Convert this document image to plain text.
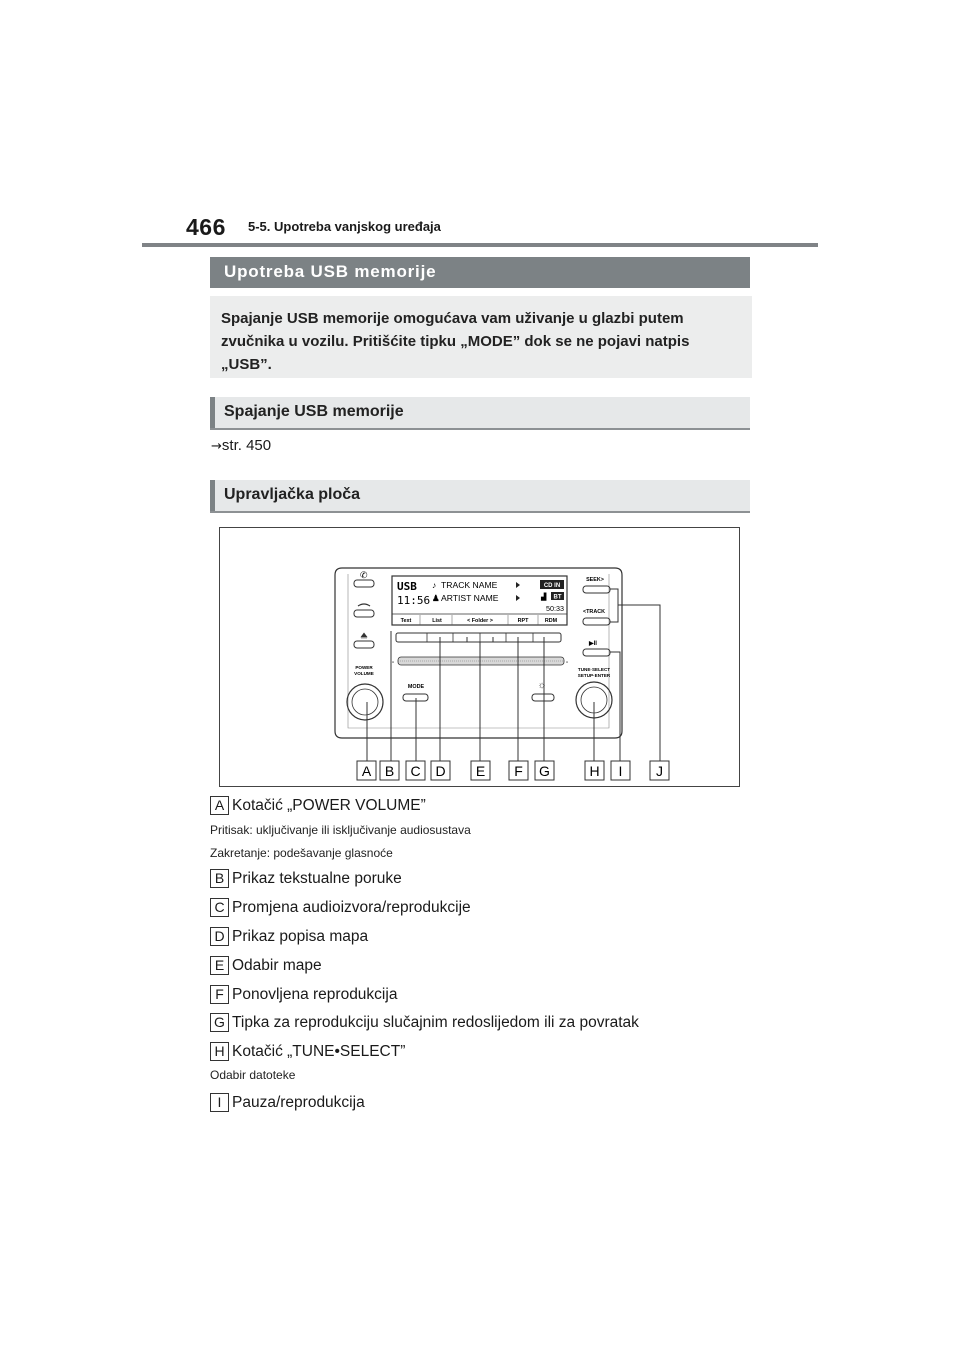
466 5-5. Upotreba vanjskog uređaja
Upotreba USB memorije
Spajanje USB memorije omogućava vam uživanje u glazbi putem zvučnika u vozilu. Pritišćite tipku „MODE” dok se ne pojavi natpis „USB”.
Spajanje USB memorije
→str. 450
Upravljačka ploča
✆
POWER
VOLUME
USB
11:56
♪ TRACK NAME
♟ ARTIST NAME
CD IN
▟ BT
50:33
Text	List	< Folder >	RPT	RDM
▫	▫
MODE	☼
SEEK>
<TRACK
▶II
TUNE·SELECT
SETUP·ENTER
A B C D E F G	H I J
A Kotačić „POWER VOLUME”
Pritisak: uključivanje ili isključivanje audiosustava
Zakretanje: podešavanje glasnoće
B Prikaz tekstualne poruke
C Promjena audioizvora/reprodukcije
D Prikaz popisa mapa
E Odabir mape
F Ponovljena reprodukcija
G Tipka za reprodukciju slučajnim redoslijedom ili za povratak
H Kotačić „TUNE•SELECT”
Odabir datoteke
I Pauza/reprodukcija
